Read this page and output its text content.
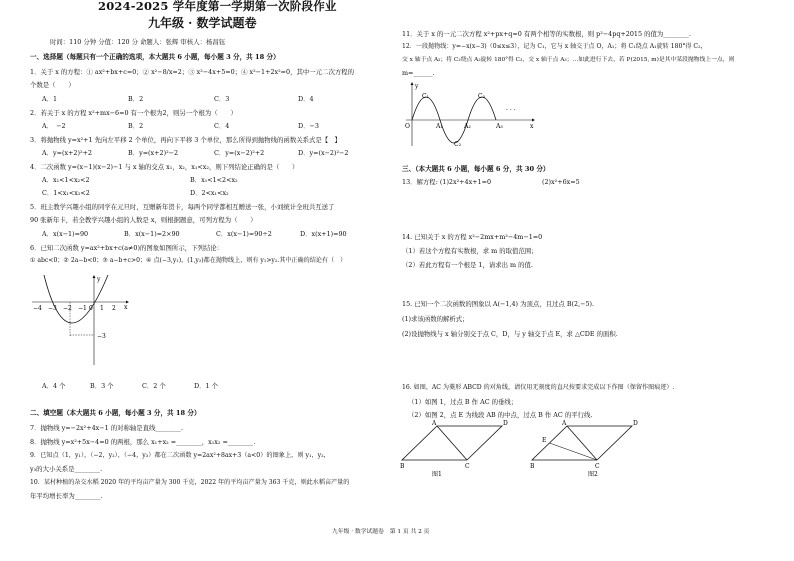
2024-2025 学年度第一学期第一次阶段作业
九年级 · 数学试题卷
时间：110 分钟 分值：120 分 命题人：张辉 审核人：杨昌钰
一、选择题（每题只有一个正确的选项，本大题共 6 小题，每小题 3 分，共 18 分）
1．关于 x 的方程：① ax²+bx+c=0；② x²−8/x=2；③ x²−4x+5=0；④ x²−1+2x²=0，其中一元二次方程的
个数是（　　）
A．1	B．2	C．3	D．4
2．若关于 x 的方程 x²+mx−6=0 有一个根为2，则另一个根为（　　）
A．　−2	B．2	C．4	D．−3
3．将抛物线 y=x²+1 先向左平移 2 个单位，再向下平移 3 个单位，那么所得到抛物线的函数关系式是【　】
A．y=(x+2)²+2	B．y=(x+2)²−2	C．y=(x−2)²+2	D．y=(x−2)²−2
4．二次函数 y=(x−1)(x−2)−1 与 x 轴的交点 x₁，x₂，x₁<x₂，则下列结论正确的是（　　）
A．x₁<1<x₂<2	B．x₁<1<2<x₂
C．1<x₁<x₂<2	D．2<x₁<x₂
5．班主教学兴趣小组的同学在元旦时，互赠新年贺卡，每两个同学都相互赠送一张，小刘统计全班共互送了
90 张新年卡，若全教学兴趣小组的人数是 x，则根据题意，可列方程为（　　）
A．x(x−1)=90	B．x(x−1)=2×90	C．x(x−1)=90÷2	D．x(x+1)=90
6．已知二次函数 y=ax²+bx+c(a≠0)的图象如图所示，下列结论：
① abc<0；② 2a−b<0；③ a−b+c>0；④ 点(−3,y₁)，(1,y₂)都在抛物线上，则有 y₁>y₂.其中正确的结论有（　）
−4 −3 −2 −1 0 1 2 x
y
−3
A．4 个	B．3 个	C．2 个	D．1 个
二、填空题（本大题共 6 小题，每小题 3 分，共 18 分）
7．抛物线 y=−2x²+4x−1 的对称轴是直线________.
8．抛物线 y=x²+5x−4=0 的两根，那么 x₁+x₂ =________，x₁x₂ =________.
9．已知点（1，y₁），（−2，y₂），（−4，y₃）都在二次函数 y=2ax²+8ax+3（a<0）的图象上，则 y₁，y₂，
y₃的大小关系是________.
10．某村种植的杂交水稻 2020 年的平均亩产量为 300 千克，2022 年的平均亩产量为 363 千克，则此水稻亩产量的
年平均增长率为________.
11．关于 x 的一元二次方程 x²+px+q=0 有两个相等的实数根，则 p²−4pq+2015 的值为________.
12．一段抛物线：y=−x(x−3)（0≤x≤3），记为 C₁，它与 x 轴交于点 O，A₁；将 C₁绕点 A₁旋转 180°得 C₂，
交 x 轴于点 A₂；将 C₂绕点 A₂旋转 180°得 C₃，交 x 轴于点 A₃；…如此进行下去，若 P(2015, m)是其中某段抛物线上一点，则
m=______.
C₁
C₂
C₃
A₁	A₂	A₃
O	x
y
· · ·
三、（本大题共 6 小题，每小题 6 分，共 30 分）
13．解方程: (1)2x²+4x+1=0	(2)x²+6x=5
14. 已知关于 x 的方程 x²−2mx+m²−4m−1=0
（1）若这个方程有实数根，求 m 的取值范围；
（2）若此方程有一个根是 1，请求出 m 的值.
15. 已知一个二次函数的图象以 A(−1,4) 为顶点，且过点 B(2,−5).
(1)求该函数的解析式；
(2)设抛物线与 x 轴分别交于点 C，D，与 y 轴交于点 E，求 △CDE 的面积.
16. 如图，AC 为菱形 ABCD 的对角线，请仅用无刻度的直尺按要求完成以下作图（保留作图痕迹）.
（1）如图 1，过点 B 作 AC 的垂线；
（2）如图 2，点 E 为线段 AB 的中点，过点 B 作 AC 的平行线.
A	D
B	C
图1
A	D
E
B	C
图2
九年级 · 数学试题卷　第 1 页 共 2 页
